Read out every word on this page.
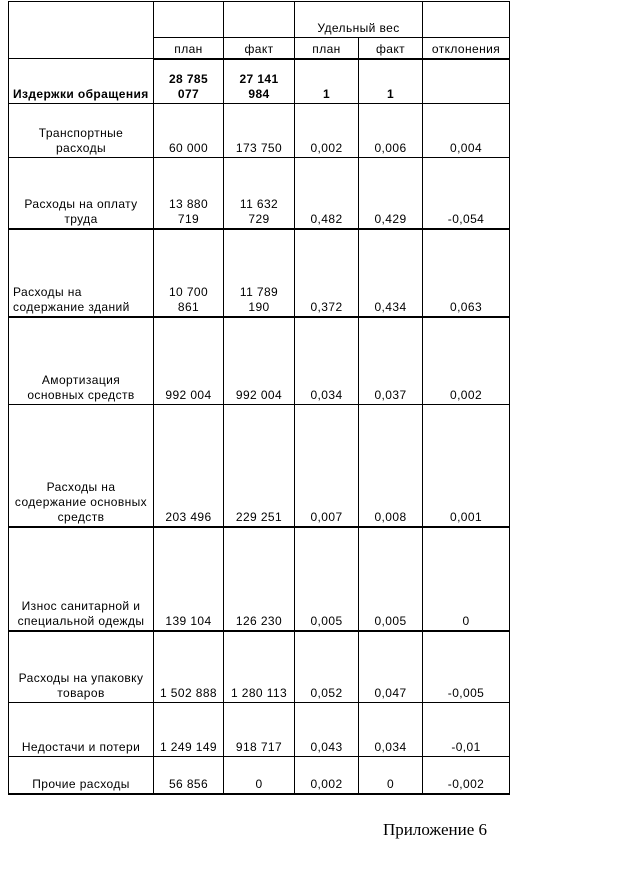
			Удельный вес		
	план	факт	план	факт	отклонения
Издержки обращения	28 785 077	27 141 984	1	1	
Транспортные расходы	60 000	173 750	0,002	0,006	0,004
Расходы на оплату труда	13 880 719	11 632 729	0,482	0,429	-0,054
Расходы на содержание зданий	10 700 861	11 789 190	0,372	0,434	0,063
Амортизация основных средств	992 004	992 004	0,034	0,037	0,002
Расходы на содержание основных средств	203 496	229 251	0,007	0,008	0,001
Износ санитарной и специальной одежды	139 104	126 230	0,005	0,005	0
Расходы на упаковку товаров	1 502 888	1 280 113	0,052	0,047	-0,005
Недостачи и потери	1 249 149	918 717	0,043	0,034	-0,01
Прочие расходы	56 856	0	0,002	0	-0,002
Приложение 6
